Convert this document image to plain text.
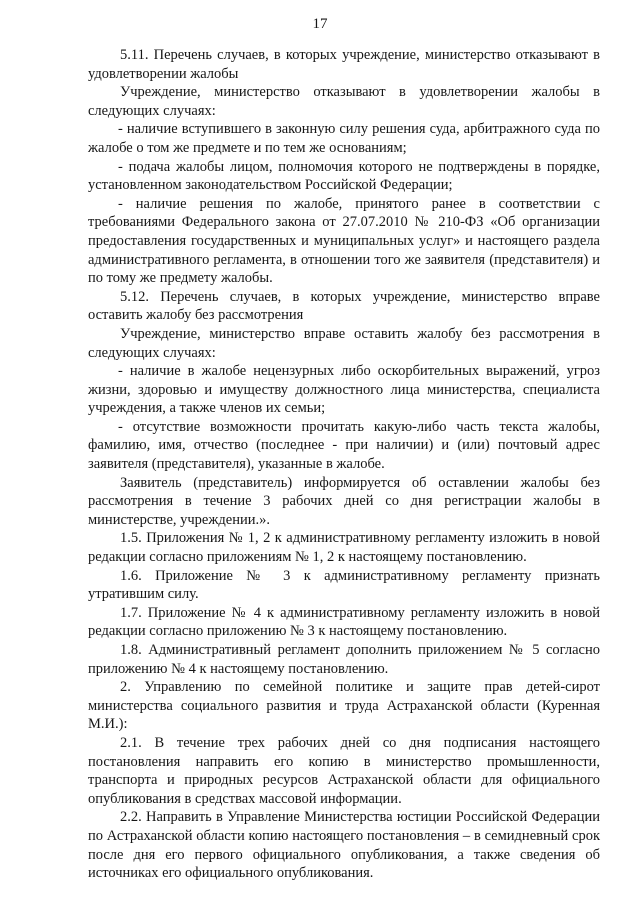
17

5.11. Перечень случаев, в которых учреждение, министерство отказывают в удовлетворении жалобы

Учреждение, министерство отказывают в удовлетворении жалобы в следующих случаях:

- наличие вступившего в законную силу решения суда, арбитражного суда по жалобе о том же предмете и по тем же основаниям;

- подача жалобы лицом, полномочия которого не подтверждены в порядке, установленном законодательством Российской Федерации;

- наличие решения по жалобе, принятого ранее в соответствии с требованиями Федерального закона от 27.07.2010 № 210-ФЗ «Об организации предоставления государственных и муниципальных услуг» и настоящего раздела административного регламента, в отношении того же заявителя (представителя) и по тому же предмету жалобы.

5.12. Перечень случаев, в которых учреждение, министерство вправе оставить жалобу без рассмотрения

Учреждение, министерство вправе оставить жалобу без рассмотрения в следующих случаях:

- наличие в жалобе нецензурных либо оскорбительных выражений, угроз жизни, здоровью и имуществу должностного лица министерства, специалиста учреждения, а также членов их семьи;

- отсутствие возможности прочитать какую-либо часть текста жалобы, фамилию, имя, отчество (последнее - при наличии) и (или) почтовый адрес заявителя (представителя), указанные в жалобе.

Заявитель (представитель) информируется об оставлении жалобы без рассмотрения в течение 3 рабочих дней со дня регистрации жалобы в министерстве, учреждении.».

1.5. Приложения № 1, 2 к административному регламенту изложить в новой редакции согласно приложениям № 1, 2 к настоящему постановлению.

1.6. Приложение № 3 к административному регламенту признать утратившим силу.

1.7. Приложение № 4 к административному регламенту изложить в новой редакции согласно приложению № 3 к настоящему постановлению.

1.8. Административный регламент дополнить приложением № 5 согласно приложению № 4 к настоящему постановлению.

2. Управлению по семейной политике и защите прав детей-сирот министерства социального развития и труда Астраханской области (Куренная М.И.):

2.1. В течение трех рабочих дней со дня подписания настоящего постановления направить его копию в министерство промышленности, транспорта и природных ресурсов Астраханской области для официального опубликования в средствах массовой информации.

2.2. Направить в Управление Министерства юстиции Российской Федерации по Астраханской области копию настоящего постановления – в семидневный срок после дня его первого официального опубликования, а также сведения об источниках его официального опубликования.
